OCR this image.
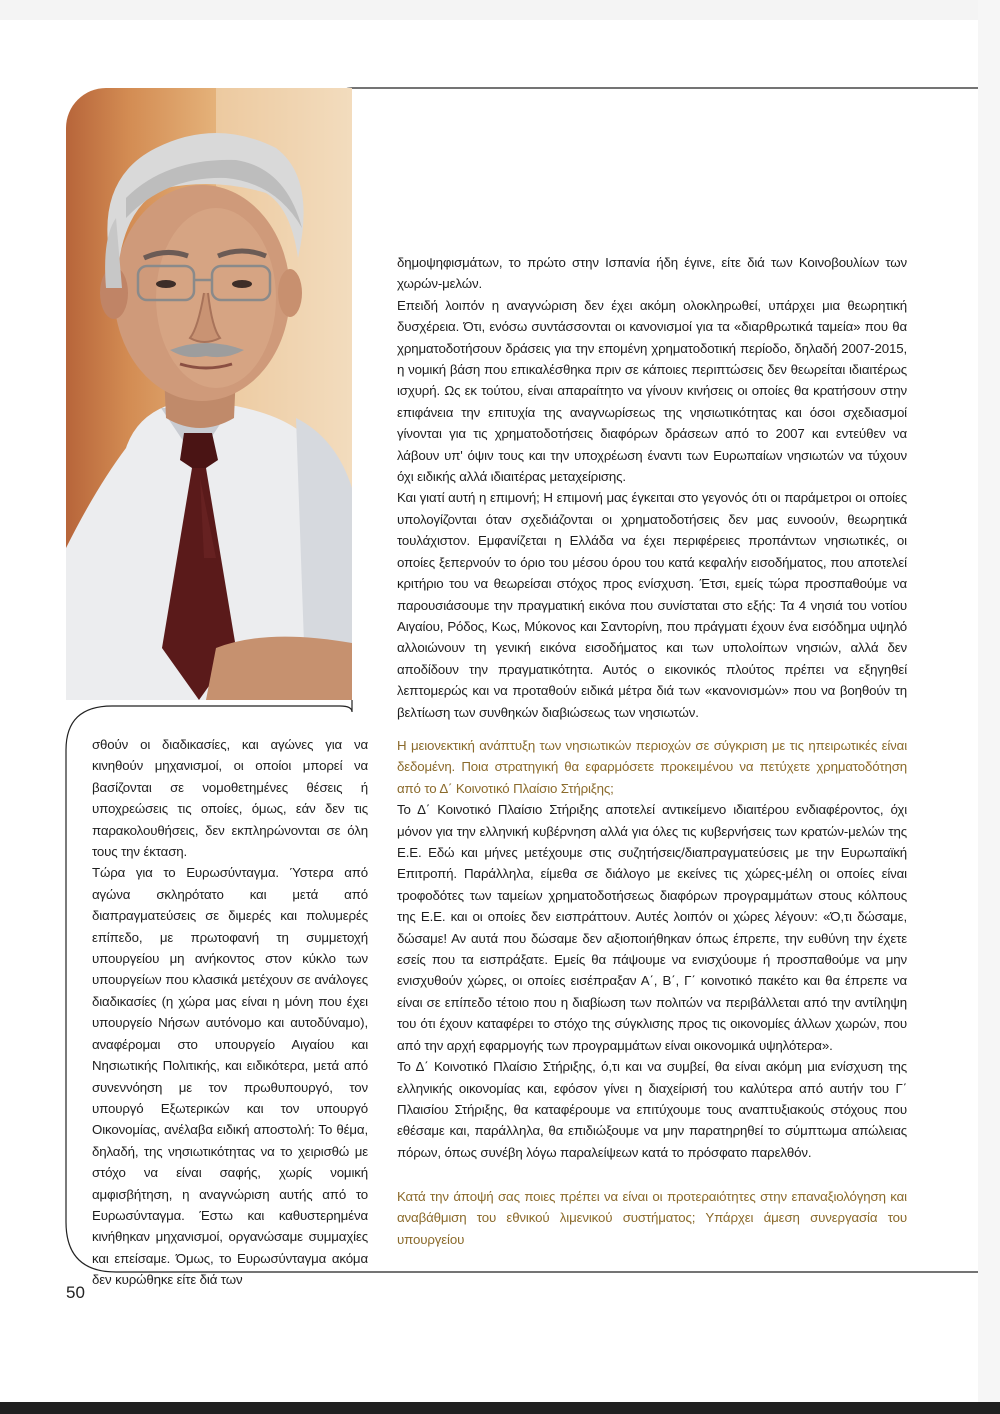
σθούν οι διαδικασίες, και αγώνες για να κινηθούν μηχανισμοί, οι οποίοι μπορεί να βασίζονται σε νομοθετημένες θέσεις ή υποχρεώσεις τις οποίες, όμως, εάν δεν τις παρακολουθήσεις, δεν εκπληρώνονται σε όλη τους την έκταση.

Τώρα για το Ευρωσύνταγμα. Ύστερα από αγώνα σκληρότατο και μετά από διαπραγματεύσεις σε διμερές και πολυμερές επίπεδο, με πρωτοφανή τη συμμετοχή υπουργείου μη ανήκοντος στον κύκλο των υπουργείων που κλασικά μετέχουν σε ανάλογες διαδικασίες (η χώρα μας είναι η μόνη που έχει υπουργείο Νήσων αυτόνομο και αυτοδύναμο), αναφέρομαι στο υπουργείο Αιγαίου και Νησιωτικής Πολιτικής, και ειδικότερα, μετά από συνεννόηση με τον πρωθυπουργό, τον υπουργό Εξωτερικών και τον υπουργό Οικονομίας, ανέλαβα ειδική αποστολή: Το θέμα, δηλαδή, της νησιωτικότητας να το χειρισθώ με στόχο να είναι σαφής, χωρίς νομική αμφισβήτηση, η αναγνώριση αυτής από το Ευρωσύνταγμα. Έστω και καθυστερημένα κινήθηκαν μηχανισμοί, οργανώσαμε συμμαχίες και επείσαμε. Όμως, το Ευρωσύνταγμα ακόμα δεν κυρώθηκε είτε διά των

δημοψηφισμάτων, το πρώτο στην Ισπανία ήδη έγινε, είτε διά των Κοινοβουλίων των χωρών-μελών.

Επειδή λοιπόν η αναγνώριση δεν έχει ακόμη ολοκληρωθεί, υπάρχει μια θεωρητική δυσχέρεια. Ότι, ενόσω συντάσσονται οι κανονισμοί για τα «διαρθρωτικά ταμεία» που θα χρηματοδοτήσουν δράσεις για την επομένη χρηματοδοτική περίοδο, δηλαδή 2007-2015, η νομική βάση που επικαλέσθηκα πριν σε κάποιες περιπτώσεις δεν θεωρείται ιδιαιτέρως ισχυρή. Ως εκ τούτου, είναι απαραίτητο να γίνουν κινήσεις οι οποίες θα κρατήσουν στην επιφάνεια την επιτυχία της αναγνωρίσεως της νησιωτικότητας και όσοι σχεδιασμοί γίνονται για τις χρηματοδοτήσεις διαφόρων δράσεων από το 2007 και εντεύθεν να λάβουν υπ' όψιν τους και την υποχρέωση έναντι των Ευρωπαίων νησιωτών να τύχουν όχι ειδικής αλλά ιδιαιτέρας μεταχείρισης.

Και γιατί αυτή η επιμονή; Η επιμονή μας έγκειται στο γεγονός ότι οι παράμετροι οι οποίες υπολογίζονται όταν σχεδιάζονται οι χρηματοδοτήσεις δεν μας ευνοούν, θεωρητικά τουλάχιστον. Εμφανίζεται η Ελλάδα να έχει περιφέρειες προπάντων νησιωτικές, οι οποίες ξεπερνούν το όριο του μέσου όρου του κατά κεφαλήν εισοδήματος, που αποτελεί κριτήριο του να θεωρείσαι στόχος προς ενίσχυση. Έτσι, εμείς τώρα προσπαθούμε να παρουσιάσουμε την πραγματική εικόνα που συνίσταται στο εξής: Τα 4 νησιά του νοτίου Αιγαίου, Ρόδος, Κως, Μύκονος και Σαντορίνη, που πράγματι έχουν ένα εισόδημα υψηλό αλλοιώνουν τη γενική εικόνα εισοδήματος και των υπολοίπων νησιών, αλλά δεν αποδίδουν την πραγματικότητα. Αυτός ο εικονικός πλούτος πρέπει να εξηγηθεί λεπτομερώς και να προταθούν ειδικά μέτρα διά των «κανονισμών» που να βοηθούν τη βελτίωση των συνθηκών διαβιώσεως των νησιωτών.

Η μειονεκτική ανάπτυξη των νησιωτικών περιοχών σε σύγκριση με τις ηπειρωτικές είναι δεδομένη. Ποια στρατηγική θα εφαρμόσετε προκειμένου να πετύχετε χρηματοδότηση από το Δ΄ Κοινοτικό Πλαίσιο Στήριξης;

Το Δ΄ Κοινοτικό Πλαίσιο Στήριξης αποτελεί αντικείμενο ιδιαιτέρου ενδιαφέροντος, όχι μόνον για την ελληνική κυβέρνηση αλλά για όλες τις κυβερνήσεις των κρατών-μελών της Ε.Ε. Εδώ και μήνες μετέχουμε στις συζητήσεις/διαπραγματεύσεις με την Ευρωπαϊκή Επιτροπή. Παράλληλα, είμεθα σε διάλογο με εκείνες τις χώρες-μέλη οι οποίες είναι τροφοδότες των ταμείων χρηματοδοτήσεως διαφόρων προγραμμάτων στους κόλπους της Ε.Ε. και οι οποίες δεν εισπράττουν. Αυτές λοιπόν οι χώρες λέγουν: «Ό,τι δώσαμε, δώσαμε! Αν αυτά που δώσαμε δεν αξιοποιήθηκαν όπως έπρεπε, την ευθύνη την έχετε εσείς που τα εισπράξατε. Εμείς θα πάψουμε να ενισχύουμε ή προσπαθούμε να μην ενισχυθούν χώρες, οι οποίες εισέπραξαν Α΄, Β΄, Γ΄ κοινοτικό πακέτο και θα έπρεπε να είναι σε επίπεδο τέτοιο που η διαβίωση των πολιτών να περιβάλλεται από την αντίληψη του ότι έχουν καταφέρει το στόχο της σύγκλισης προς τις οικονομίες άλλων χωρών, που από την αρχή εφαρμογής των προγραμμάτων είναι οικονομικά υψηλότερα».

Το Δ΄ Κοινοτικό Πλαίσιο Στήριξης, ό,τι και να συμβεί, θα είναι ακόμη μια ενίσχυση της ελληνικής οικονομίας και, εφόσον γίνει η διαχείρισή του καλύτερα από αυτήν του Γ΄ Πλαισίου Στήριξης, θα καταφέρουμε να επιτύχουμε τους αναπτυξιακούς στόχους που εθέσαμε και, παράλληλα, θα επιδιώξουμε να μην παρατηρηθεί το σύμπτωμα απώλειας πόρων, όπως συνέβη λόγω παραλείψεων κατά το πρόσφατο παρελθόν.

Κατά την άποψή σας ποιες πρέπει να είναι οι προτεραιότητες στην επαναξιολόγηση και αναβάθμιση του εθνικού λιμενικού συστήματος; Υπάρχει άμεση συνεργασία του υπουργείου

50
